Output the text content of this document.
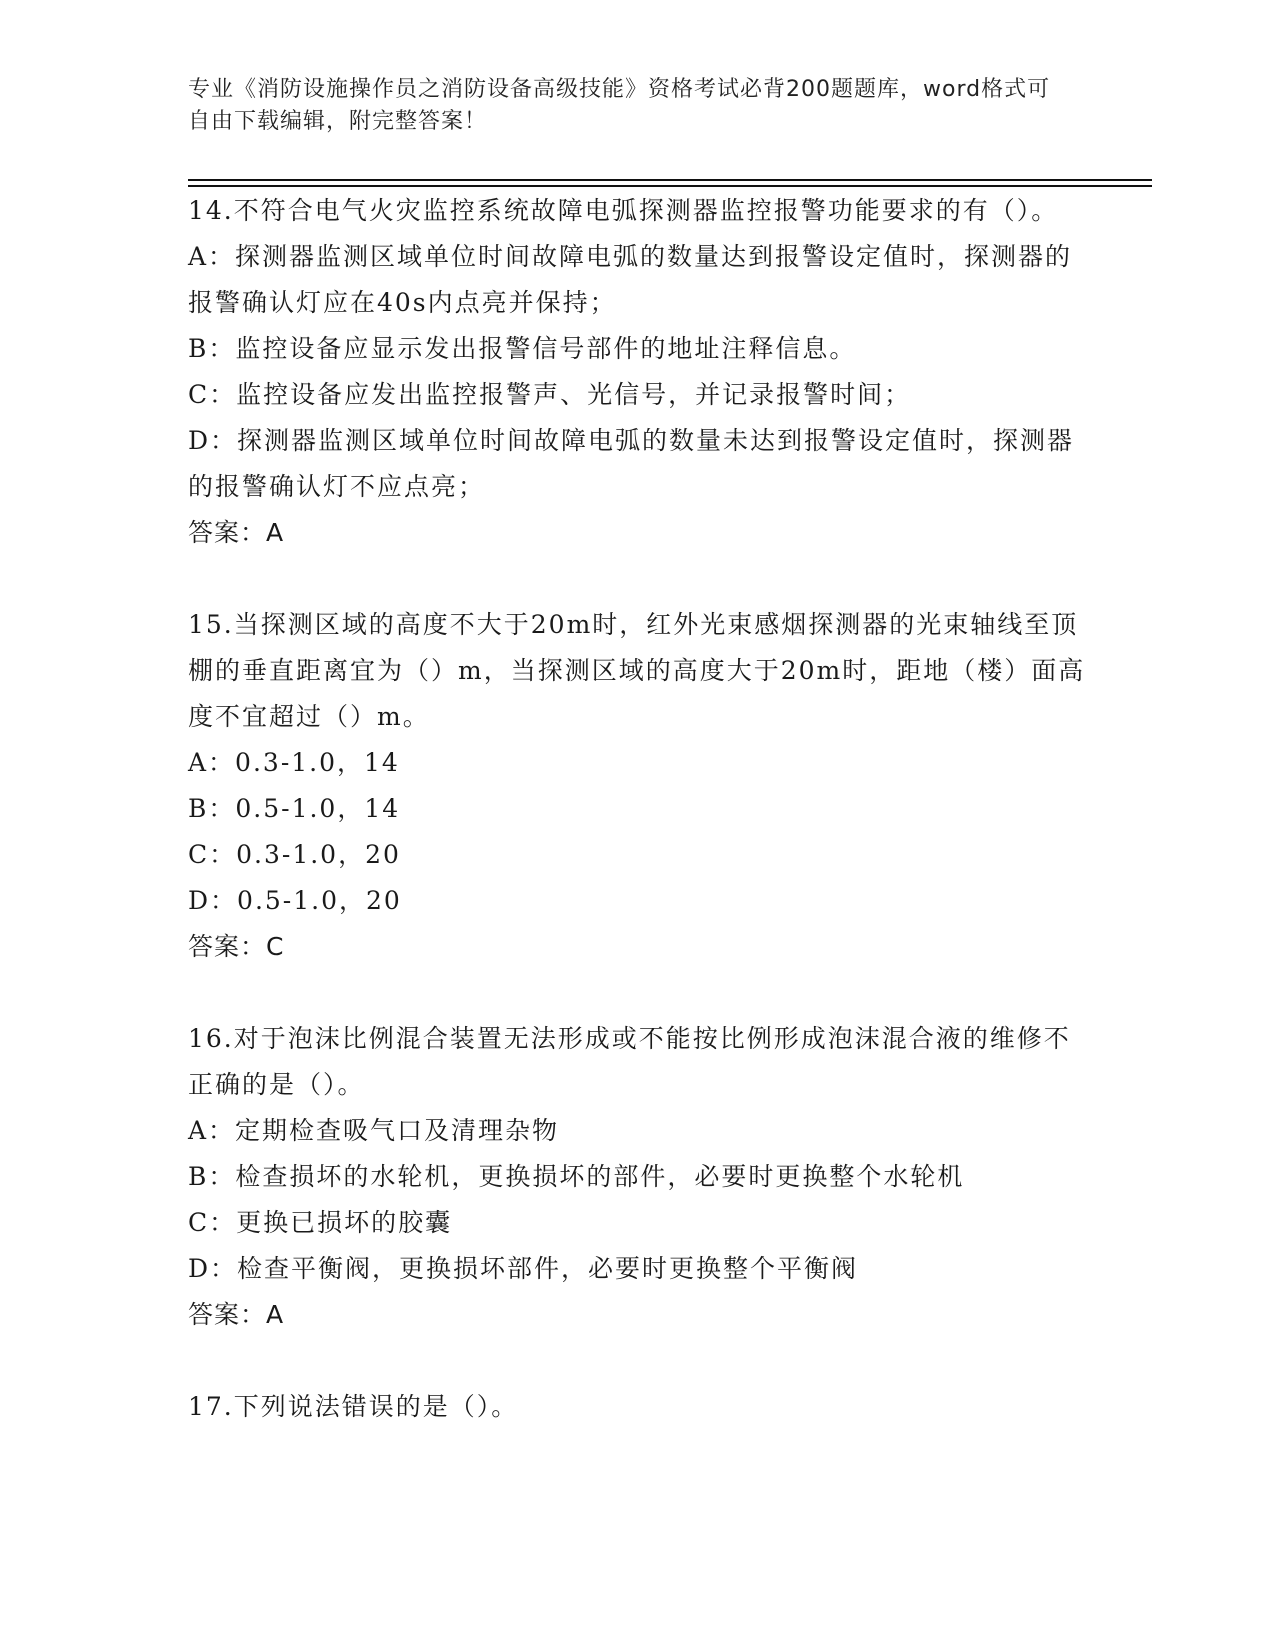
专业《消防设施操作员之消防设备高级技能》资格考试必背200题题库，word格式可自由下载编辑，附完整答案！

14.不符合电气火灾监控系统故障电弧探测器监控报警功能要求的有（）。

A：探测器监测区域单位时间故障电弧的数量达到报警设定值时，探测器的报警确认灯应在40s内点亮并保持；

B：监控设备应显示发出报警信号部件的地址注释信息。

C：监控设备应发出监控报警声、光信号，并记录报警时间；

D：探测器监测区域单位时间故障电弧的数量未达到报警设定值时，探测器的报警确认灯不应点亮；

答案：A

15.当探测区域的高度不大于20m时，红外光束感烟探测器的光束轴线至顶棚的垂直距离宜为（）m，当探测区域的高度大于20m时，距地（楼）面高度不宜超过（）m。

A：0.3-1.0，14

B：0.5-1.0，14

C：0.3-1.0，20

D：0.5-1.0，20

答案：C

16.对于泡沫比例混合装置无法形成或不能按比例形成泡沫混合液的维修不正确的是（）。

A：定期检查吸气口及清理杂物

B：检查损坏的水轮机，更换损坏的部件，必要时更换整个水轮机

C：更换已损坏的胶囊

D：检查平衡阀，更换损坏部件，必要时更换整个平衡阀

答案：A

17.下列说法错误的是（）。
